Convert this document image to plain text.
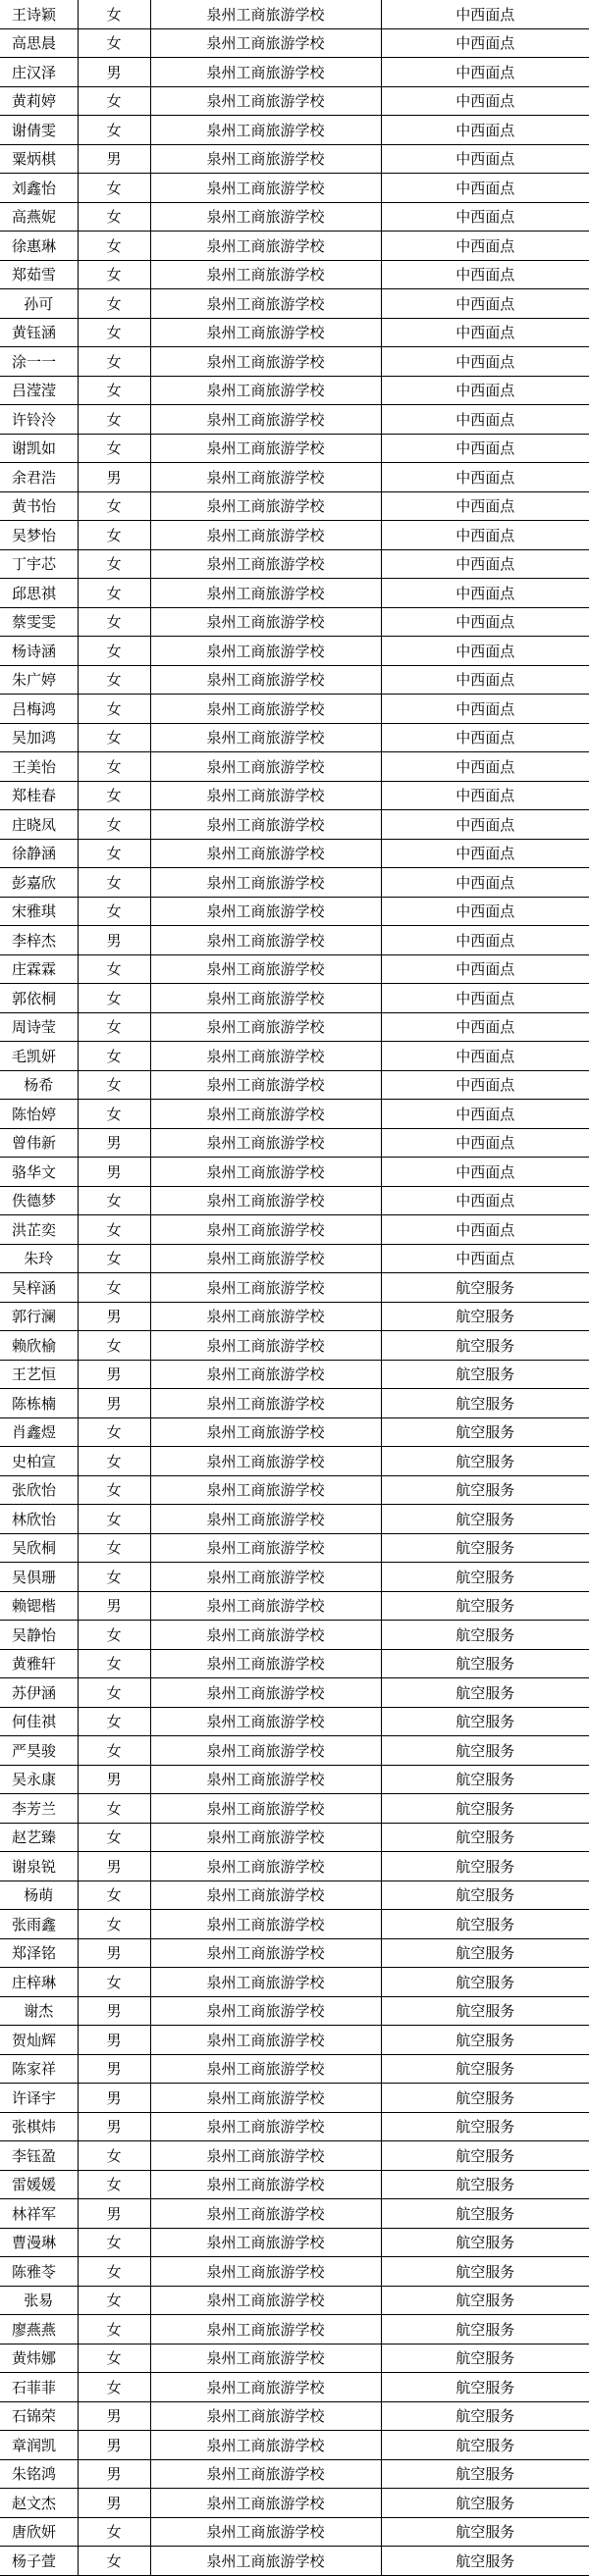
王诗颖	女	泉州工商旅游学校	中西面点
高思晨	女	泉州工商旅游学校	中西面点
庄汉泽	男	泉州工商旅游学校	中西面点
黄莉婷	女	泉州工商旅游学校	中西面点
谢倩雯	女	泉州工商旅游学校	中西面点
粟炳棋	男	泉州工商旅游学校	中西面点
刘鑫怡	女	泉州工商旅游学校	中西面点
高燕妮	女	泉州工商旅游学校	中西面点
徐惠琳	女	泉州工商旅游学校	中西面点
郑茹雪	女	泉州工商旅游学校	中西面点
孙可	女	泉州工商旅游学校	中西面点
黄钰涵	女	泉州工商旅游学校	中西面点
涂一一	女	泉州工商旅游学校	中西面点
吕滢滢	女	泉州工商旅游学校	中西面点
许铃泠	女	泉州工商旅游学校	中西面点
谢凯如	女	泉州工商旅游学校	中西面点
余君浩	男	泉州工商旅游学校	中西面点
黄书怡	女	泉州工商旅游学校	中西面点
吴梦怡	女	泉州工商旅游学校	中西面点
丁宇芯	女	泉州工商旅游学校	中西面点
邱思祺	女	泉州工商旅游学校	中西面点
蔡雯雯	女	泉州工商旅游学校	中西面点
杨诗涵	女	泉州工商旅游学校	中西面点
朱广婷	女	泉州工商旅游学校	中西面点
吕梅鸿	女	泉州工商旅游学校	中西面点
吴加鸿	女	泉州工商旅游学校	中西面点
王美怡	女	泉州工商旅游学校	中西面点
郑桂春	女	泉州工商旅游学校	中西面点
庄晓凤	女	泉州工商旅游学校	中西面点
徐静涵	女	泉州工商旅游学校	中西面点
彭嘉欣	女	泉州工商旅游学校	中西面点
宋雅琪	女	泉州工商旅游学校	中西面点
李梓杰	男	泉州工商旅游学校	中西面点
庄霖霖	女	泉州工商旅游学校	中西面点
郭依桐	女	泉州工商旅游学校	中西面点
周诗莹	女	泉州工商旅游学校	中西面点
毛凯妍	女	泉州工商旅游学校	中西面点
杨希	女	泉州工商旅游学校	中西面点
陈怡婷	女	泉州工商旅游学校	中西面点
曾伟新	男	泉州工商旅游学校	中西面点
骆华文	男	泉州工商旅游学校	中西面点
佚德梦	女	泉州工商旅游学校	中西面点
洪芷奕	女	泉州工商旅游学校	中西面点
朱玲	女	泉州工商旅游学校	中西面点
吴梓涵	女	泉州工商旅游学校	航空服务
郭行澜	男	泉州工商旅游学校	航空服务
赖欣榆	女	泉州工商旅游学校	航空服务
王艺恒	男	泉州工商旅游学校	航空服务
陈栋楠	男	泉州工商旅游学校	航空服务
肖鑫煜	女	泉州工商旅游学校	航空服务
史柏宣	女	泉州工商旅游学校	航空服务
张欣怡	女	泉州工商旅游学校	航空服务
林欣怡	女	泉州工商旅游学校	航空服务
吴欣桐	女	泉州工商旅游学校	航空服务
吴倶珊	女	泉州工商旅游学校	航空服务
赖锶楷	男	泉州工商旅游学校	航空服务
吴静怡	女	泉州工商旅游学校	航空服务
黄雅轩	女	泉州工商旅游学校	航空服务
苏伊涵	女	泉州工商旅游学校	航空服务
何佳祺	女	泉州工商旅游学校	航空服务
严昊骏	女	泉州工商旅游学校	航空服务
吴永康	男	泉州工商旅游学校	航空服务
李芳兰	女	泉州工商旅游学校	航空服务
赵艺臻	女	泉州工商旅游学校	航空服务
谢泉锐	男	泉州工商旅游学校	航空服务
杨萌	女	泉州工商旅游学校	航空服务
张雨鑫	女	泉州工商旅游学校	航空服务
郑泽铭	男	泉州工商旅游学校	航空服务
庄梓琳	女	泉州工商旅游学校	航空服务
谢杰	男	泉州工商旅游学校	航空服务
贺灿辉	男	泉州工商旅游学校	航空服务
陈家祥	男	泉州工商旅游学校	航空服务
许译宇	男	泉州工商旅游学校	航空服务
张棋炜	男	泉州工商旅游学校	航空服务
李钰盈	女	泉州工商旅游学校	航空服务
雷媛媛	女	泉州工商旅游学校	航空服务
林祥军	男	泉州工商旅游学校	航空服务
曹漫琳	女	泉州工商旅游学校	航空服务
陈雅苓	女	泉州工商旅游学校	航空服务
张易	女	泉州工商旅游学校	航空服务
廖燕燕	女	泉州工商旅游学校	航空服务
黄炜娜	女	泉州工商旅游学校	航空服务
石菲菲	女	泉州工商旅游学校	航空服务
石锦荣	男	泉州工商旅游学校	航空服务
章润凯	男	泉州工商旅游学校	航空服务
朱铭鸿	男	泉州工商旅游学校	航空服务
赵文杰	男	泉州工商旅游学校	航空服务
唐欣妍	女	泉州工商旅游学校	航空服务
杨子萱	女	泉州工商旅游学校	航空服务
